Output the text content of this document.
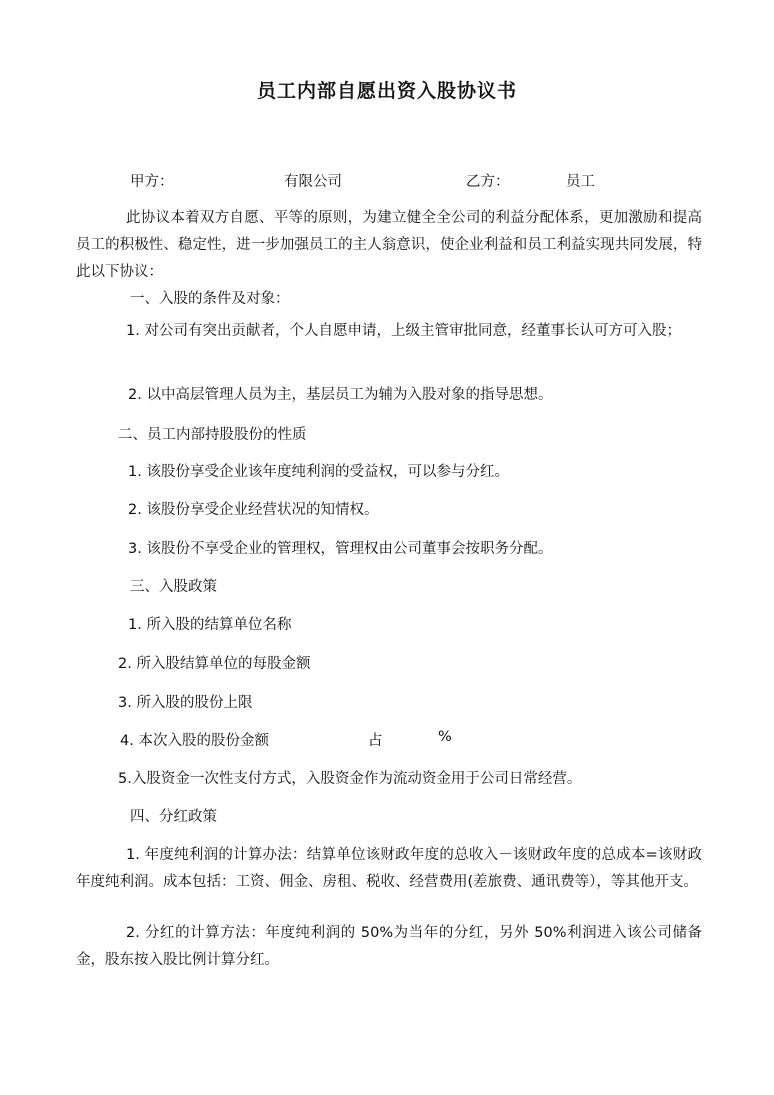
员工内部自愿出资入股协议书
甲方：	有限公司	乙方：	员工
此协议本着双方自愿、平等的原则，为建立健全全公司的利益分配体系，更加激励和提高员工的积极性、稳定性，进一步加强员工的主人翁意识，使企业利益和员工利益实现共同发展，特此以下协议：
一、入股的条件及对象：
1. 对公司有突出贡献者，个人自愿申请，上级主管审批同意，经董事长认可方可入股；
2. 以中高层管理人员为主，基层员工为辅为入股对象的指导思想。
二、员工内部持股股份的性质
1. 该股份享受企业该年度纯利润的受益权，可以参与分红。
2. 该股份享受企业经营状况的知情权。
3. 该股份不享受企业的管理权，管理权由公司董事会按职务分配。
三、入股政策
1. 所入股的结算单位名称
2. 所入股结算单位的每股金额
3. 所入股的股份上限
4. 本次入股的股份金额	占	%
5.入股资金一次性支付方式，入股资金作为流动资金用于公司日常经营。
四、分红政策
1. 年度纯利润的计算办法：结算单位该财政年度的总收入－该财政年度的总成本=该财政年度纯利润。成本包括：工资、佣金、房租、税收、经营费用(差旅费、通讯费等），等其他开支。
2. 分红的计算方法：年度纯利润的 50%为当年的分红，另外 50%利润进入该公司储备金，股东按入股比例计算分红。
